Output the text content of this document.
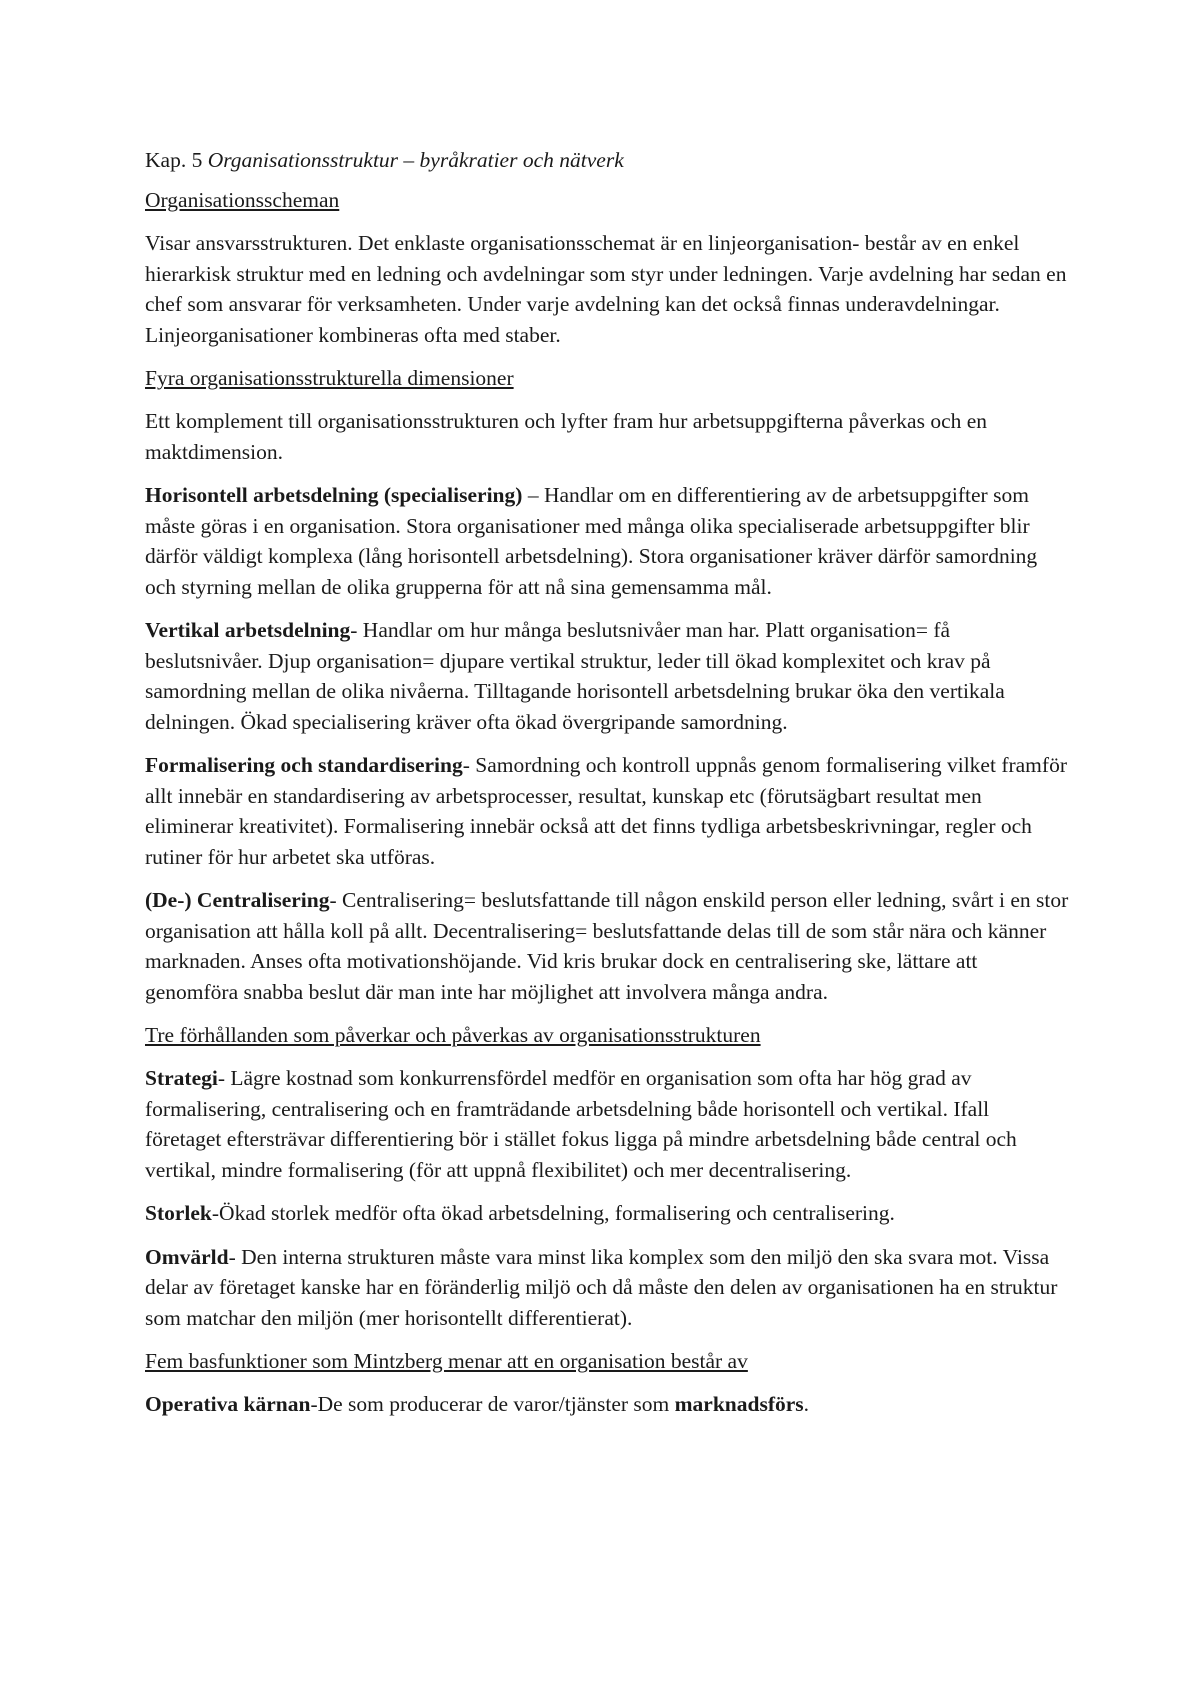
Kap. 5 Organisationsstruktur – byråkratier och nätverk
Organisationsscheman

Visar ansvarsstrukturen. Det enklaste organisationsschemat är en linjeorganisation- består av en enkel hierarkisk struktur med en ledning och avdelningar som styr under ledningen. Varje avdelning har sedan en chef som ansvarar för verksamheten. Under varje avdelning kan det också finnas underavdelningar. Linjeorganisationer kombineras ofta med staber.

Fyra organisationsstrukturella dimensioner

Ett komplement till organisationsstrukturen och lyfter fram hur arbetsuppgifterna påverkas och en maktdimension.

Horisontell arbetsdelning (specialisering) – Handlar om en differentiering av de arbetsuppgifter som måste göras i en organisation. Stora organisationer med många olika specialiserade arbetsuppgifter blir därför väldigt komplexa (lång horisontell arbetsdelning). Stora organisationer kräver därför samordning och styrning mellan de olika grupperna för att nå sina gemensamma mål.

Vertikal arbetsdelning- Handlar om hur många beslutsnivåer man har. Platt organisation= få beslutsnivåer. Djup organisation= djupare vertikal struktur, leder till ökad komplexitet och krav på samordning mellan de olika nivåerna. Tilltagande horisontell arbetsdelning brukar öka den vertikala delningen. Ökad specialisering kräver ofta ökad övergripande samordning.

Formalisering och standardisering- Samordning och kontroll uppnås genom formalisering vilket framför allt innebär en standardisering av arbetsprocesser, resultat, kunskap etc (förutsägbart resultat men eliminerar kreativitet). Formalisering innebär också att det finns tydliga arbetsbeskrivningar, regler och rutiner för hur arbetet ska utföras.

(De-) Centralisering- Centralisering= beslutsfattande till någon enskild person eller ledning, svårt i en stor organisation att hålla koll på allt. Decentralisering= beslutsfattande delas till de som står nära och känner marknaden. Anses ofta motivationshöjande. Vid kris brukar dock en centralisering ske, lättare att genomföra snabba beslut där man inte har möjlighet att involvera många andra.

Tre förhållanden som påverkar och påverkas av organisationsstrukturen

Strategi- Lägre kostnad som konkurrensfördel medför en organisation som ofta har hög grad av formalisering, centralisering och en framträdande arbetsdelning både horisontell och vertikal. Ifall företaget eftersträvar differentiering bör i stället fokus ligga på mindre arbetsdelning både central och vertikal, mindre formalisering (för att uppnå flexibilitet) och mer decentralisering.

Storlek-Ökad storlek medför ofta ökad arbetsdelning, formalisering och centralisering.

Omvärld- Den interna strukturen måste vara minst lika komplex som den miljö den ska svara mot. Vissa delar av företaget kanske har en föränderlig miljö och då måste den delen av organisationen ha en struktur som matchar den miljön (mer horisontellt differentierat).

Fem basfunktioner som Mintzberg menar att en organisation består av

Operativa kärnan-De som producerar de varor/tjänster som marknadsförs.
